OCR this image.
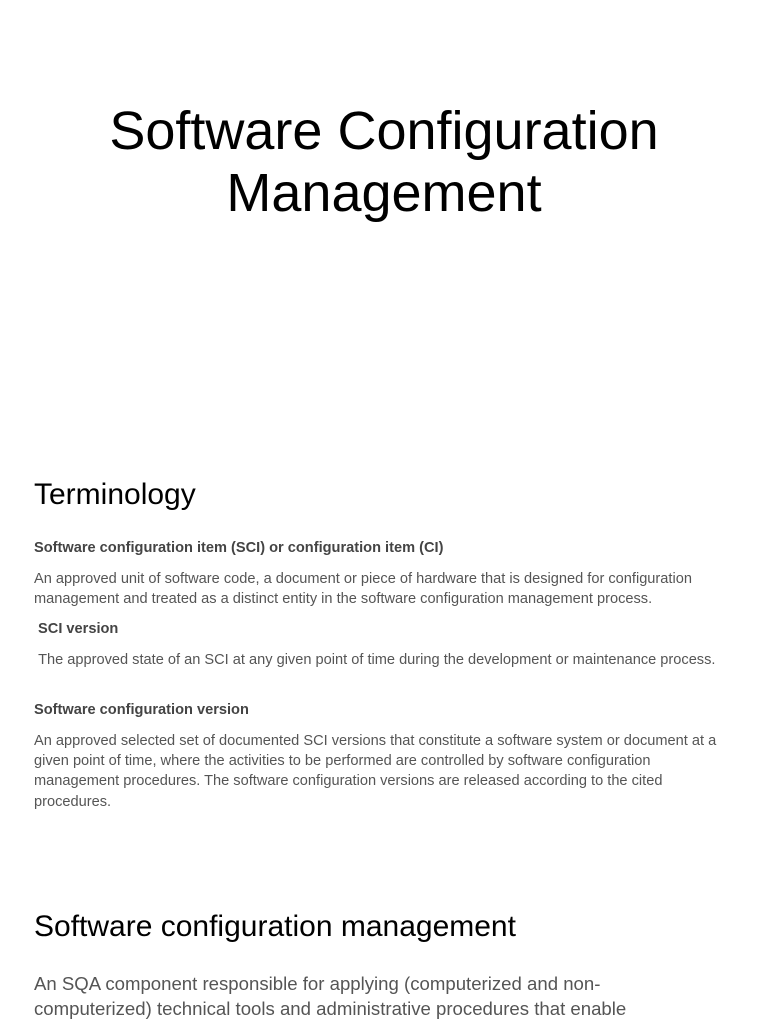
Software Configuration
Management
Terminology
Software configuration item (SCI) or configuration item (CI)
An approved unit of software code, a document or piece of hardware that is designed for configuration management and treated as a distinct entity in the software configuration management process.
SCI version
The approved state of an SCI at any given point of time during the development or maintenance process.
Software configuration version
An approved selected set of documented SCI versions that constitute a software system or document at a given point of time, where the activities to be performed are controlled by software configuration management procedures. The software configuration versions are released according to the cited procedures.
Software configuration management
An SQA component responsible for applying (computerized and non-computerized) technical tools and administrative procedures that enable
